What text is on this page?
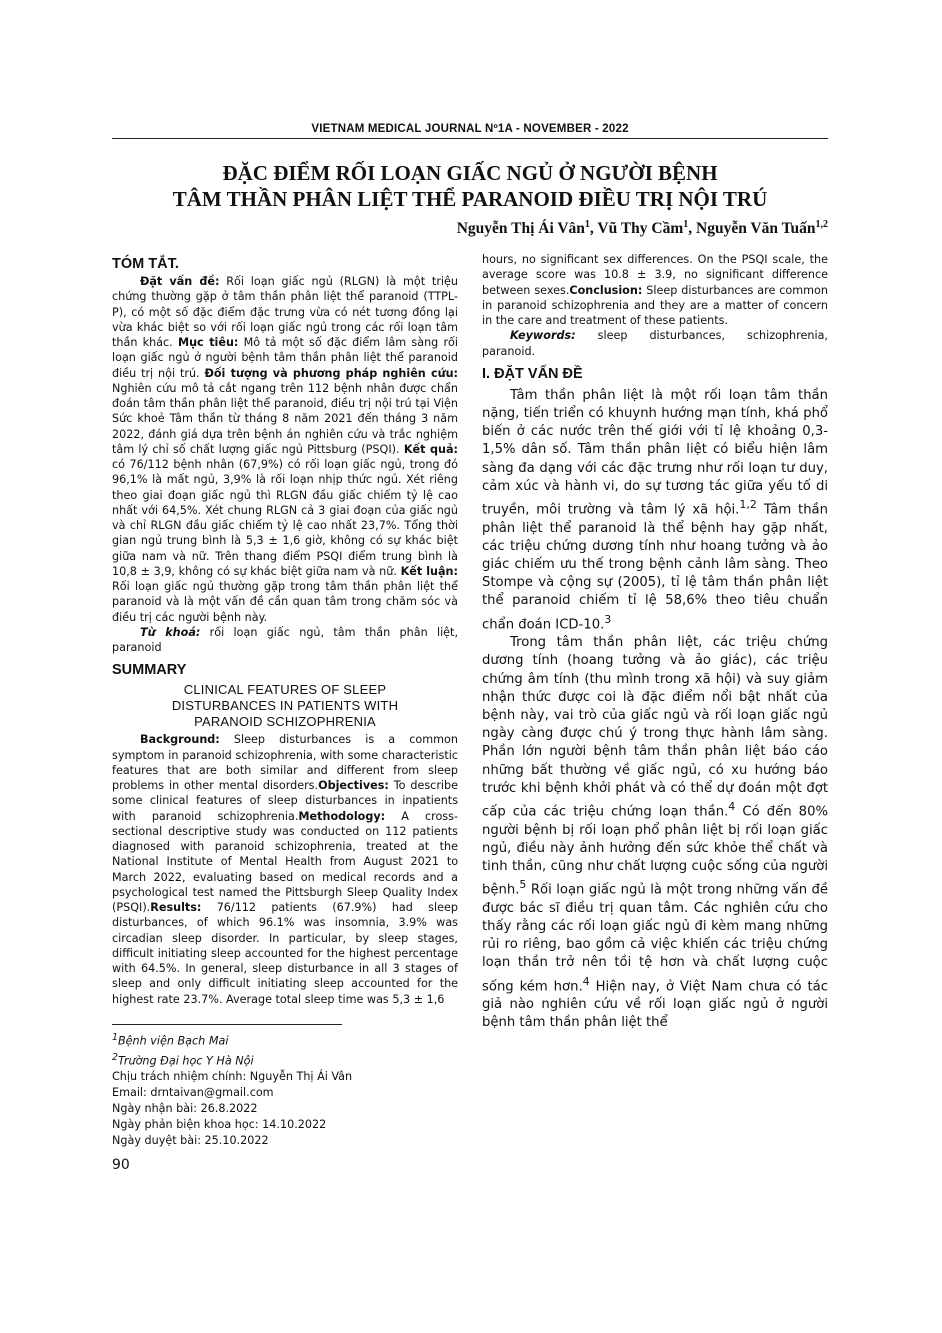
VIETNAM MEDICAL JOURNAL Nº1A - NOVEMBER - 2022
ĐẶC ĐIỂM RỐI LOẠN GIẤC NGỦ Ở NGƯỜI BỆNH
TÂM THẦN PHÂN LIỆT THỂ PARANOID ĐIỀU TRỊ NỘI TRÚ
Nguyễn Thị Ái Vân$^1$, Vũ Thy Cầm$^1$, Nguyễn Văn Tuấn$^{1,2}$
TÓM TẮT.

Đặt vấn đề: Rối loạn giấc ngủ (RLGN) là một triệu chứng thường gặp ở tâm thần phân liệt thể paranoid (TTPL-P), có một số đặc điểm đặc trưng vừa có nét tương đồng lại vừa khác biệt so với rối loạn giấc ngủ trong các rối loạn tâm thần khác. Mục tiêu: Mô tả một số đặc điểm lâm sàng rối loạn giấc ngủ ở người bệnh tâm thần phân liệt thể paranoid điều trị nội trú. Đối tượng và phương pháp nghiên cứu: Nghiên cứu mô tả cắt ngang trên 112 bệnh nhân được chẩn đoán tâm thần phân liệt thể paranoid, điều trị nội trú tại Viện Sức khoẻ Tâm thần từ tháng 8 năm 2021 đến tháng 3 năm 2022, đánh giá dựa trên bệnh án nghiên cứu và trắc nghiệm tâm lý chỉ số chất lượng giấc ngủ Pittsburg (PSQI). Kết quả: có 76/112 bệnh nhân (67,9%) có rối loạn giấc ngủ, trong đó 96,1% là mất ngủ, 3,9% là rối loạn nhịp thức ngủ. Xét riêng theo giai đoạn giấc ngủ thì RLGN đầu giấc chiếm tỷ lệ cao nhất với 64,5%. Xét chung RLGN cả 3 giai đoạn của giấc ngủ và chỉ RLGN đầu giấc chiếm tỷ lệ cao nhất 23,7%. Tổng thời gian ngủ trung bình là 5,3 ± 1,6 giờ, không có sự khác biệt giữa nam và nữ. Trên thang điểm PSQI điểm trung bình là 10,8 ± 3,9, không có sự khác biệt giữa nam và nữ. Kết luận: Rối loạn giấc ngủ thường gặp trong tâm thần phân liệt thể paranoid và là một vấn đề cần quan tâm trong chăm sóc và điều trị các người bệnh này.

Từ khoá: rối loạn giấc ngủ, tâm thần phân liệt, paranoid

SUMMARY
CLINICAL FEATURES OF SLEEP
DISTURBANCES IN PATIENTS WITH
PARANOID SCHIZOPHRENIA

Background: Sleep disturbances is a common symptom in paranoid schizophrenia, with some characteristic features that are both similar and different from sleep problems in other mental disorders.Objectives: To describe some clinical features of sleep disturbances in inpatients with paranoid schizophrenia.Methodology: A cross-sectional descriptive study was conducted on 112 patients diagnosed with paranoid schizophrenia, treated at the National Institute of Mental Health from August 2021 to March 2022, evaluating based on medical records and a psychological test named the Pittsburgh Sleep Quality Index (PSQI).Results: 76/112 patients (67.9%) had sleep disturbances, of which 96.1% was insomnia, 3.9% was circadian sleep disorder. In particular, by sleep stages, difficult initiating sleep accounted for the highest percentage with 64.5%. In general, sleep disturbance in all 3 stages of sleep and only difficult initiating sleep accounted for the highest rate 23.7%. Average total sleep time was 5,3 ± 1,6

$^1$Bệnh viện Bạch Mai
$^2$Trường Đại học Y Hà Nội
Chịu trách nhiệm chính: Nguyễn Thị Ái Vân
Email: drntaivan@gmail.com
Ngày nhận bài: 26.8.2022
Ngày phản biện khoa học: 14.10.2022
Ngày duyệt bài: 25.10.2022
90

hours, no significant sex differences. On the PSQI scale, the average score was 10.8 ± 3.9, no significant difference between sexes.Conclusion: Sleep disturbances are common in paranoid schizophrenia and they are a matter of concern in the care and treatment of these patients.

Keywords: sleep disturbances, schizophrenia, paranoid.

I. ĐẶT VẤN ĐỀ

Tâm thần phân liệt là một rối loạn tâm thần nặng, tiến triển có khuynh hướng mạn tính, khá phổ biến ở các nước trên thế giới với tỉ lệ khoảng 0,3-1,5% dân số. Tâm thần phân liệt có biểu hiện lâm sàng đa dạng với các đặc trưng như rối loạn tư duy, cảm xúc và hành vi, do sự tương tác giữa yếu tố di truyền, môi trường và tâm lý xã hội.$^{1,2}$ Tâm thần phân liệt thể paranoid là thể bệnh hay gặp nhất, các triệu chứng dương tính như hoang tưởng và ảo giác chiếm ưu thế trong bệnh cảnh lâm sàng. Theo Stompe và cộng sự (2005), tỉ lệ tâm thần phân liệt thể paranoid chiếm tỉ lệ 58,6% theo tiêu chuẩn chẩn đoán ICD-10.$^3$

Trong tâm thần phân liệt, các triệu chứng dương tính (hoang tưởng và ảo giác), các triệu chứng âm tính (thu mình trong xã hội) và suy giảm nhận thức được coi là đặc điểm nổi bật nhất của bệnh này, vai trò của giấc ngủ và rối loạn giấc ngủ ngày càng được chú ý trong thực hành lâm sàng. Phần lớn người bệnh tâm thần phân liệt báo cáo những bất thường về giấc ngủ, có xu hướng báo trước khi bệnh khởi phát và có thể dự đoán một đợt cấp của các triệu chứng loạn thần.$^4$ Có đến 80% người bệnh bị rối loạn phổ phân liệt bị rối loạn giấc ngủ, điều này ảnh hưởng đến sức khỏe thể chất và tinh thần, cũng như chất lượng cuộc sống của người bệnh.$^5$ Rối loạn giấc ngủ là một trong những vấn đề được bác sĩ điều trị quan tâm. Các nghiên cứu cho thấy rằng các rối loạn giấc ngủ đi kèm mang những rủi ro riêng, bao gồm cả việc khiến các triệu chứng loạn thần trở nên tồi tệ hơn và chất lượng cuộc sống kém hơn.$^4$ Hiện nay, ở Việt Nam chưa có tác giả nào nghiên cứu về rối loạn giấc ngủ ở người bệnh tâm thần phân liệt thể
